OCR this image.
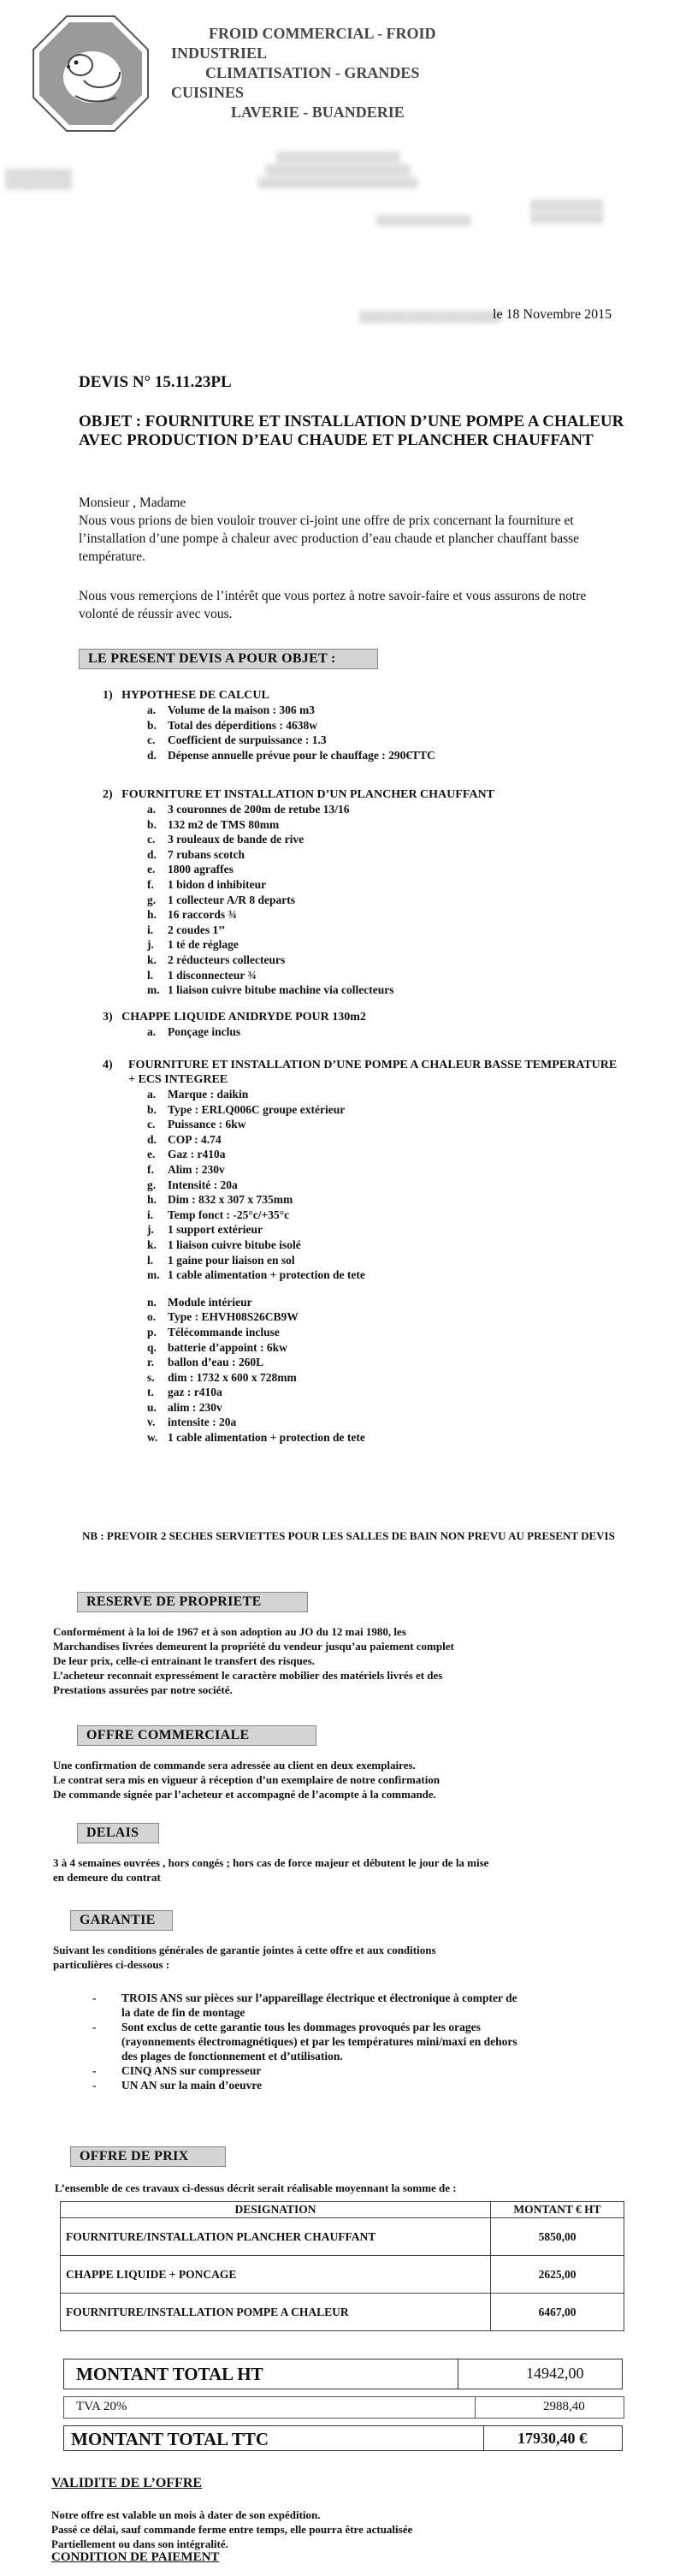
FROID COMMERCIAL - FROID
INDUSTRIEL
CLIMATISATION - GRANDES
CUISINES
LAVERIE - BUANDERIE
▒▒▒▒▒
▒▒▒▒▒▒▒▒▒▒▒▒▒▒▒▒▒
▒▒▒▒▒▒▒▒▒▒▒▒▒▒▒▒▒▒▒▒
▒▒▒▒▒▒▒▒▒▒▒▒▒▒▒▒▒▒▒▒▒▒
▒▒▒▒▒▒▒▒▒▒▒▒▒
▒▒▒▒▒▒▒▒▒▒
▒▒▒▒▒▒▒▒▒▒
▒▒▒▒▒▒▒▒▒▒▒▒▒▒▒▒▒▒
le 18 Novembre 2015
DEVIS N° 15.11.23PL
OBJET : FOURNITURE ET INSTALLATION D’UNE POMPE A CHALEUR AVEC PRODUCTION D’EAU CHAUDE ET PLANCHER CHAUFFANT
Monsieur , Madame
Nous vous prions de bien vouloir trouver ci-joint une offre de prix concernant la fourniture et l’installation d’une pompe à chaleur avec production d’eau chaude et plancher chauffant basse température.
Nous vous remerçions de l’intérêt que vous portez à notre savoir-faire et vous assurons de notre volonté de réussir avec vous.
LE PRESENT DEVIS A POUR OBJET :
1) HYPOTHESE DE CALCUL
a. Volume de la maison : 306 m3
b. Total des déperditions : 4638w
c. Coefficient de surpuissance : 1.3
d. Dépense annuelle prévue pour le chauffage : 290€TTC
2) FOURNITURE ET INSTALLATION D’UN PLANCHER CHAUFFANT
a. 3 couronnes de 200m de retube 13/16
b. 132 m2 de TMS 80mm
c. 3 rouleaux de bande de rive
d. 7 rubans scotch
e. 1800 agraffes
f. 1 bidon d inhibiteur
g. 1 collecteur A/R 8 departs
h. 16 raccords ¾
i. 2 coudes 1’’
j. 1 té de réglage
k. 2 réducteurs collecteurs
l. 1 disconnecteur ¾
m. 1 liaison cuivre bitube machine via collecteurs
3) CHAPPE LIQUIDE ANIDRYDE POUR 130m2
a. Ponçage inclus
4)	FOURNITURE ET INSTALLATION D’UNE POMPE A CHALEUR BASSE TEMPERATURE + ECS INTEGREE
a. Marque : daikin
b. Type : ERLQ006C groupe extérieur
c. Puissance : 6kw
d. COP : 4.74
e. Gaz : r410a
f. Alim : 230v
g. Intensité : 20a
h. Dim : 832 x 307 x 735mm
i. Temp fonct : -25°c/+35°c
j. 1 support extérieur
k. 1 liaison cuivre bitube isolé
l. 1 gaine pour liaison en sol
m. 1 cable alimentation + protection de tete
n. Module intérieur
o. Type : EHVH08S26CB9W
p. Télécommande incluse
q. batterie d’appoint : 6kw
r. ballon d’eau : 260L
s. dim : 1732 x 600 x 728mm
t. gaz : r410a
u. alim : 230v
v. intensite : 20a
w. 1 cable alimentation + protection de tete
NB : PREVOIR 2 SECHES SERVIETTES POUR LES SALLES DE BAIN NON PREVU AU PRESENT DEVIS
RESERVE DE PROPRIETE
Conformément à la loi de 1967 et à son adoption au JO du 12 mai 1980, les
Marchandises livrées demeurent la propriété du vendeur jusqu’au paiement complet
De leur prix, celle-ci entrainant le transfert des risques.
L’acheteur reconnait expressément le caractère mobilier des matériels livrés et des
Prestations assurées par notre société.
OFFRE COMMERCIALE
Une confirmation de commande sera adressée au client en deux exemplaires.
Le contrat sera mis en vigueur à réception d’un exemplaire de notre confirmation
De commande signée par l’acheteur et accompagné de l’acompte à la commande.
DELAIS
3 à 4 semaines ouvrées , hors congés ; hors cas de force majeur et débutent le jour de la mise
en demeure du contrat
GARANTIE
Suivant les conditions générales de garantie jointes à cette offre et aux conditions
particulières ci-dessous :
- TROIS ANS sur pièces sur l’appareillage électrique et électronique à compter de
la date de fin de montage
- Sont exclus de cette garantie tous les dommages provoqués par les orages
(rayonnements électromagnétiques) et par les températures mini/maxi en dehors
des plages de fonctionnement et d’utilisation.
- CINQ ANS sur compresseur
- UN AN sur la main d’oeuvre
OFFRE DE PRIX
L’ensemble de ces travaux ci-dessus décrit serait réalisable moyennant la somme de :
DESIGNATION	MONTANT € HT
FOURNITURE/INSTALLATION PLANCHER CHAUFFANT	5850,00
CHAPPE LIQUIDE + PONCAGE	2625,00
FOURNITURE/INSTALLATION POMPE A CHALEUR	6467,00
MONTANT TOTAL HT	14942,00
TVA 20%	2988,40
MONTANT TOTAL TTC	17930,40 €
VALIDITE DE L’OFFRE
Notre offre est valable un mois à dater de son expédition.
Passé ce délai, sauf commande ferme entre temps, elle pourra être actualisée
Partiellement ou dans son intégralité.
CONDITION DE PAIEMENT
